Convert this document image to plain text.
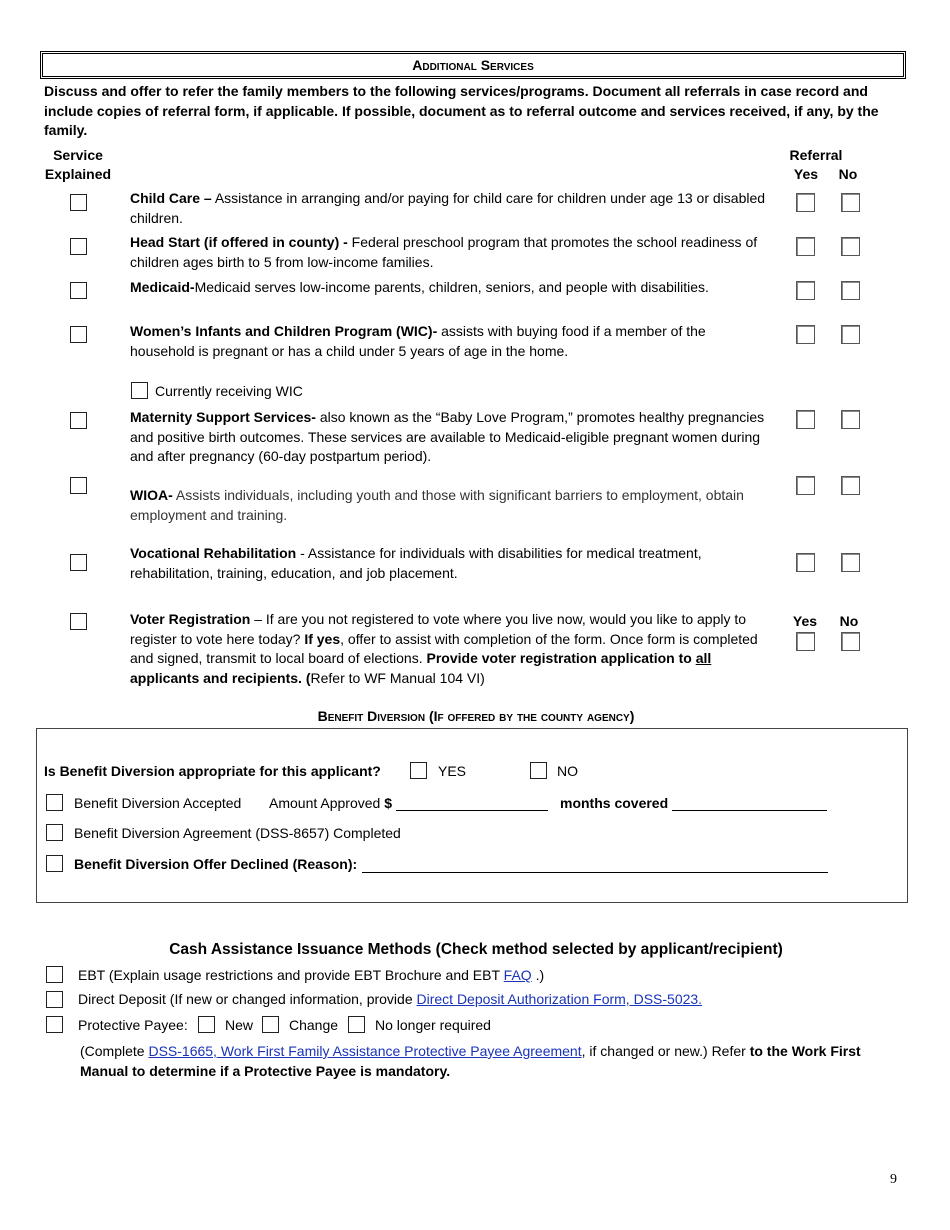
Additional Services
Discuss and offer to refer the family members to the following services/programs. Document all referrals in case record and include copies of referral form, if applicable. If possible, document as to referral outcome and services received, if any, by the family.
Service
Explained
Referral
Yes No
Child Care – Assistance in arranging and/or paying for child care for children under age 13 or disabled children.
Head Start (if offered in county) - Federal preschool program that promotes the school readiness of children ages birth to 5 from low-income families.
Medicaid-Medicaid serves low-income parents, children, seniors, and people with disabilities.
Women’s Infants and Children Program (WIC)- assists with buying food if a member of the household is pregnant or has a child under 5 years of age in the home.
Currently receiving WIC
Maternity Support Services- also known as the “Baby Love Program,” promotes healthy pregnancies and positive birth outcomes. These services are available to Medicaid-eligible pregnant women during and after pregnancy (60-day postpartum period).
WIOA- Assists individuals, including youth and those with significant barriers to employment, obtain employment and training.
Vocational Rehabilitation - Assistance for individuals with disabilities for medical treatment, rehabilitation, training, education, and job placement.
Voter Registration – If are you not registered to vote where you live now, would you like to apply to register to vote here today? If yes, offer to assist with completion of the form. Once form is completed and signed, transmit to local board of elections. Provide voter registration application to all applicants and recipients. (Refer to WF Manual 104 VI)
Yes No
Benefit Diversion (If offered by the county agency)
Is Benefit Diversion appropriate for this applicant?	YES	NO
Benefit Diversion Accepted Amount Approved $	months covered
Benefit Diversion Agreement (DSS-8657) Completed
Benefit Diversion Offer Declined (Reason):
Cash Assistance Issuance Methods (Check method selected by applicant/recipient)
EBT (Explain usage restrictions and provide EBT Brochure and EBT FAQ .)
Direct Deposit (If new or changed information, provide Direct Deposit Authorization Form, DSS-5023.
Protective Payee:	New	Change	No longer required
(Complete DSS-1665, Work First Family Assistance Protective Payee Agreement, if changed or new.) Refer to the Work First Manual to determine if a Protective Payee is mandatory.
9
